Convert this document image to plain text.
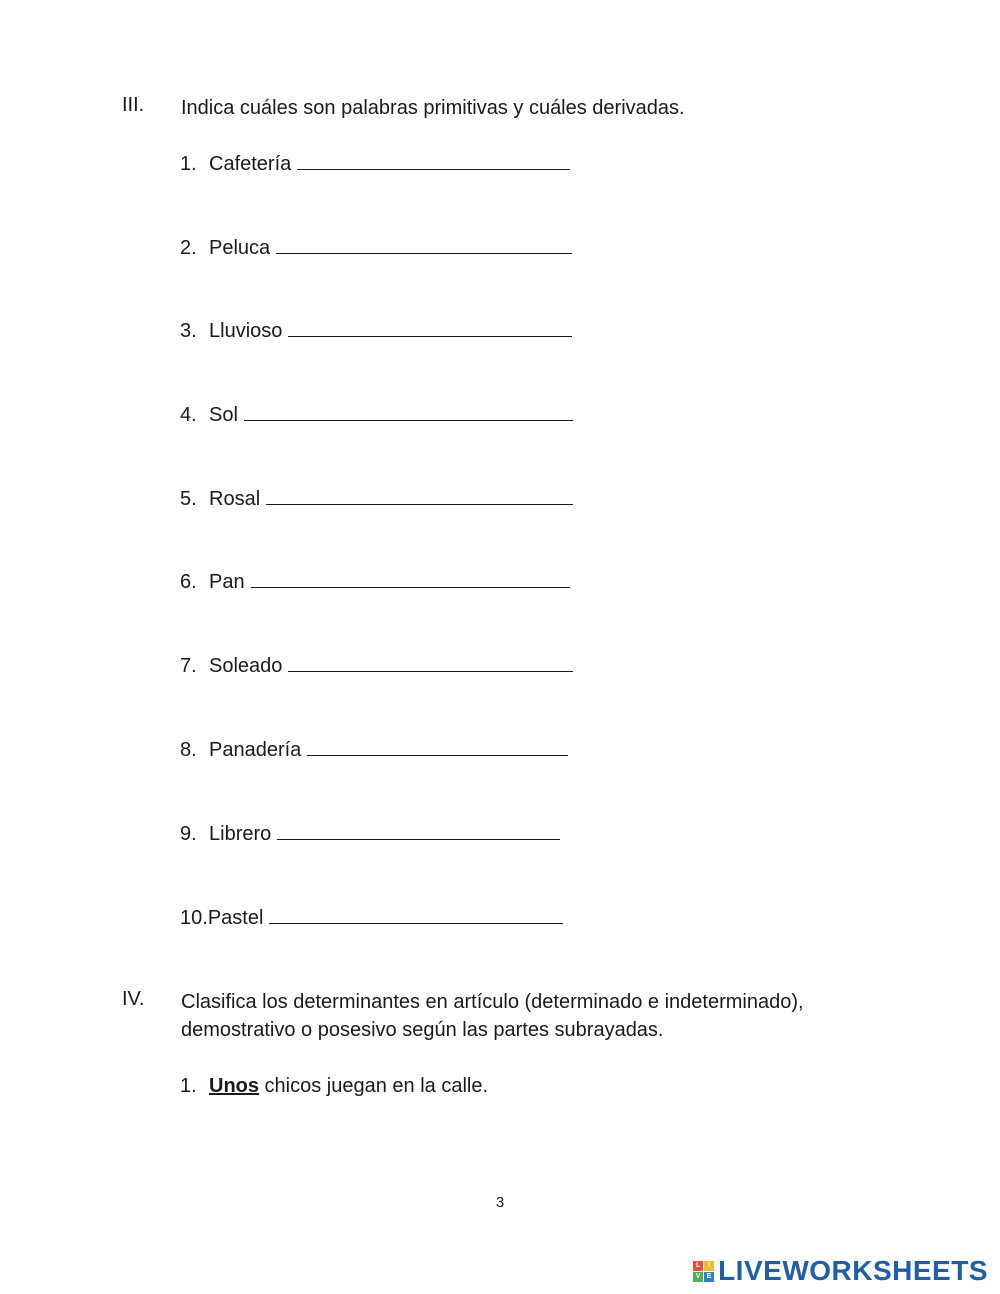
III. Indica cuáles son palabras primitivas y cuáles derivadas.
1. Cafetería
2. Peluca
3. Lluvioso
4. Sol
5. Rosal
6. Pan
7. Soleado
8. Panadería
9. Librero
10.Pastel
IV. Clasifica los determinantes en artículo (determinado e indeterminado),
demostrativo o posesivo según las partes subrayadas.
1. Unos chicos juegan en la calle.
3
L	I
V E LIVEWORKSHEETS
